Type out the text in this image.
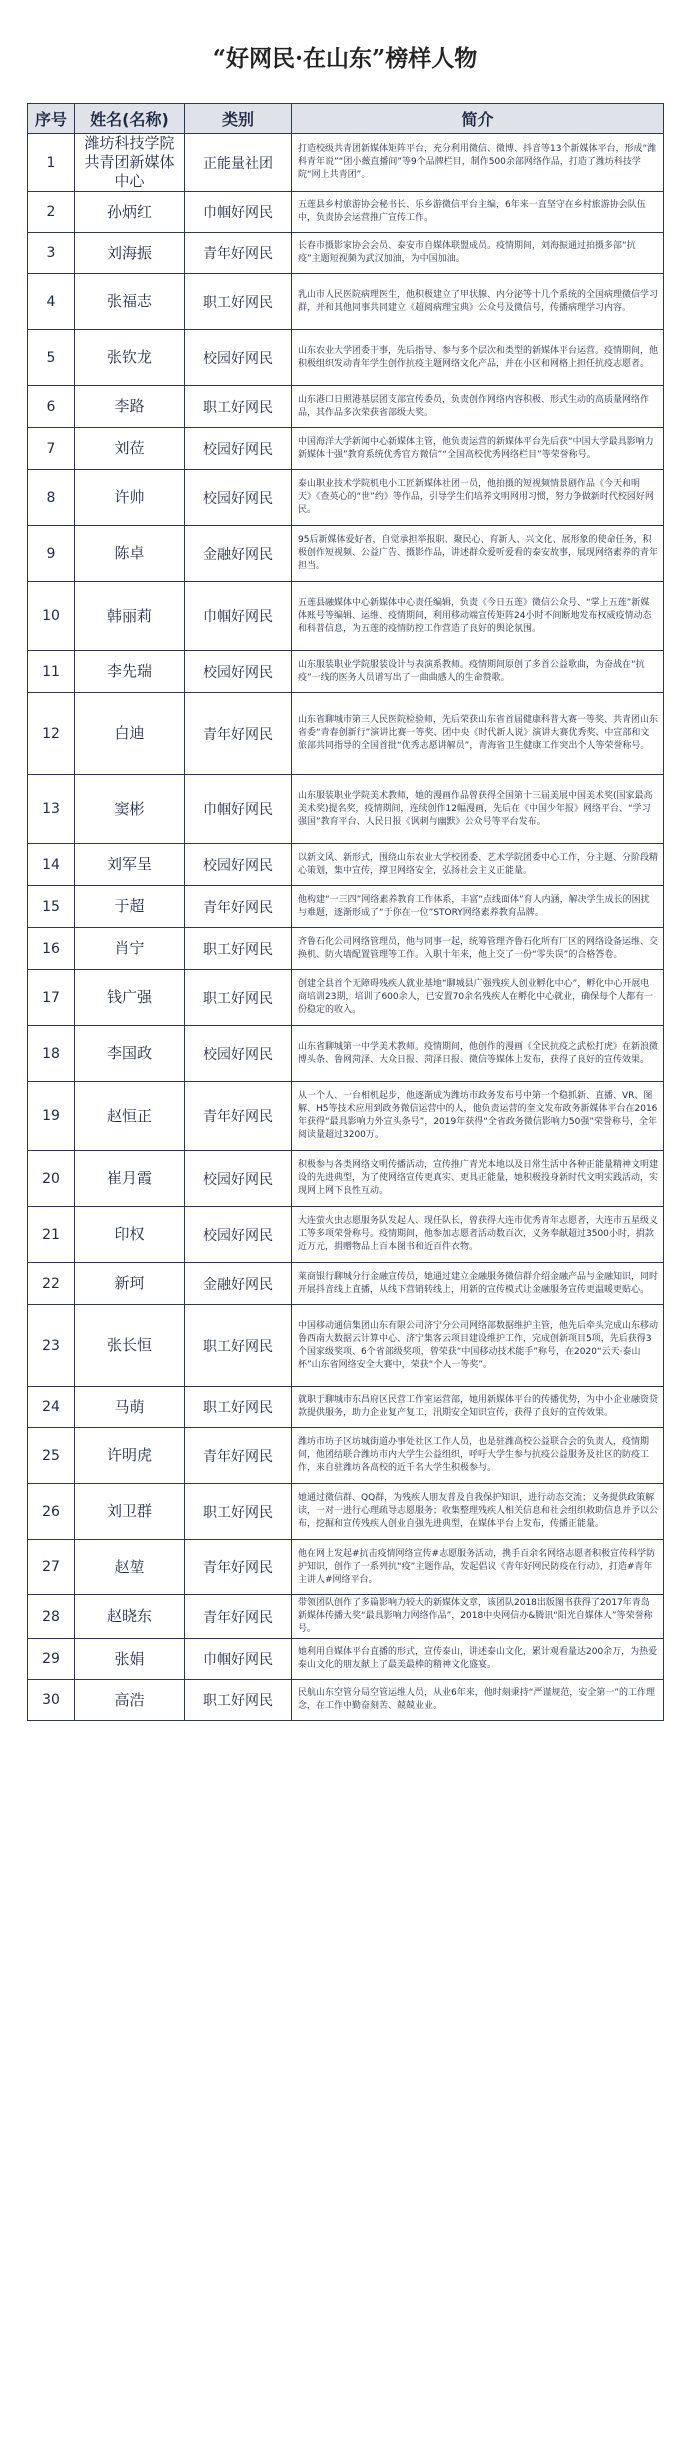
“好网民·在山东”榜样人物
序号	姓名(名称)	类别	简介
1	潍坊科技学院共青团新媒体中心	正能量社团	打造校级共青团新媒体矩阵平台，充分利用微信、微博、抖音等13个新媒体平台，形成“潍科青年说”“团小薇直播间”等9个品牌栏目，制作500余部网络作品，打造了潍坊科技学院“网上共青团”。
2	孙炳红	巾帼好网民	五莲县乡村旅游协会秘书长、乐乡游微信平台主编，6年来一直坚守在乡村旅游协会队伍中，负责协会运营推广宣传工作。
3	刘海振	青年好网民	长春市摄影家协会会员、泰安市自媒体联盟成员。疫情期间，刘海振通过拍摄多部“抗疫”主题短视频为武汉加油，为中国加油。
4	张福志	职工好网民	乳山市人民医院病理医生，他积极建立了甲状腺、内分泌等十几个系统的全国病理微信学习群，并和其他同事共同建立《超阅病理宝典》公众号及微信号，传播病理学习内容。
5	张钦龙	校园好网民	山东农业大学团委干事，先后指导、参与多个层次和类型的新媒体平台运营。疫情期间，他积极组织发动青年学生创作抗疫主题网络文化产品，并在小区和网格上担任抗疫志愿者。
6	李路	职工好网民	山东港口日照港基层团支部宣传委员，负责创作网络内容积极、形式生动的高质量网络作品，其作品多次荣获省部级大奖。
7	刘莅	校园好网民	中国海洋大学新闻中心新媒体主管，他负责运营的新媒体平台先后获“中国大学最具影响力新媒体十强”教育系统优秀官方微信”“全国高校优秀网络栏目”等荣誉称号。
8	许帅	校园好网民	泰山职业技术学院机电小工匠新媒体社团一员，他拍摄的短视频情景剧作品《今天和明天》《查英心的“世”约》等作品，引导学生们培养文明网用习惯，努力争做新时代校园好网民。
9	陈卓	金融好网民	95后新媒体爱好者，自觉承担举报职、聚民心、育新人、兴文化、展形象的使命任务，积极创作短视频、公益广告、摄影作品，讲述群众爱听爱看的泰安故事，展现网络素养的青年担当。
10	韩丽莉	巾帼好网民	五莲县融媒体中心新媒体中心责任编辑，负责《今日五莲》微信公众号、“掌上五莲”新媒体账号等编辑、运维、疫情期间，利用移动端宣传矩阵24小时不间断地发布权威疫情动态和科普信息，为五莲的疫情防控工作营造了良好的舆论氛围。
11	李先瑞	校园好网民	山东服装职业学院服装设计与表演系教师。疫情期间原创了多首公益歌曲，为奋战在“抗疫”一线的医务人员谱写出了一曲曲感人的生命赞歌。
12	白迪	青年好网民	山东省聊城市第三人民医院检验师，先后荣获山东省首届健康科普大赛一等奖、共青团山东省委“青春创新行”演讲比赛一等奖、团中央《时代新人说》演讲大赛优秀奖、中宣部和文旅部共同指导的全国首批“优秀志愿讲解员”，青海省卫生健康工作突出个人等荣誉称号。
13	窦彬	巾帼好网民	山东服装职业学院美术教师，她的漫画作品曾获得全国第十三届美展中国美术奖(国家最高美术奖)提名奖，疫情期间，连续创作12幅漫画，先后在《中国少年报》网络平台、“学习强国”教育平台、人民日报《讽刺与幽默》公众号等平台发布。
14	刘军呈	校园好网民	以新文风、新形式，围绕山东农业大学校团委、艺术学院团委中心工作，分主题、分阶段精心策划，集中宣传，撑卫网络安全，弘扬社会主义正能量。
15	于超	青年好网民	他构建“一三四”网络素养教育工作体系，丰富“点线面体”育人内涵，解决学生成长的困扰与难题，逐渐形成了“于你在一位”STORY网络素养教育品牌。
16	肖宁	职工好网民	齐鲁石化公司网络管理员，他与同事一起，统筹管理齐鲁石化所有厂区的网络设备运维、交换机、防火墙配置管理等工作。入职十年来，他上交了一份“零失误”的合格答卷。
17	钱广强	职工好网民	创建全县首个无障碍残疾人就业基地“聊城县广强残疾人创业孵化中心”，孵化中心开展电商培训23期，培训了600余人，已安置70余名残疾人在孵化中心就业，确保每个人都有一份稳定的收入。
18	李国政	校园好网民	山东省聊城第一中学美术教师。疫情期间，他创作的漫画《全民抗疫之武松打虎》在新浪微博头条、鲁网菏泽、大众日报、菏泽日报、微信等媒体上发布，获得了良好的宣传效果。
19	赵恒正	青年好网民	从一个人、一台相机起步，他逐渐成为潍坊市政务发布号中第一个稳抓新、直播、VR、图解、H5等技术应用到政务微信运营中的人，他负责运营的奎文发布政务新媒体平台在2016年获得“最具影响力外宣头条号”，2019年获得“全省政务微信影响力50强”荣誉称号，全年阅读量超过3200万。
20	崔月霞	校园好网民	积极参与各类网络文明传播活动，宣传推广青光本地以及日常生活中各种正能量精神文明建设的先进典型，为了使网络宣传更真实、更具正能量，她积极投身新时代文明实践活动，实现网上网下良性互动。
21	印权	校园好网民	大连萤火虫志愿服务队发起人、现任队长，曾获得大连市优秀青年志愿者，大连市五星级义工等多项荣誉称号。疫情期间，他参加志愿者活动数百次，义务奉献超过3500小时，捐款近万元，捐赠物品上百本图书和近百件衣物。
22	新珂	金融好网民	莱商银行聊城分行金融宣传员，她通过建立金融服务微信群介绍金融产品与金融知识，同时开展抖音线上直播，从线下营销转线上，用新的宣传模式让金融服务宣传更温暖更贴心。
23	张长恒	职工好网民	中国移动通信集团山东有限公司济宁分公司网络部数据维护主管，他先后牵头完成山东移动鲁西南大数据云计算中心、济宁集客云项目建设维护工作，完成创新项目5项，先后获得3个国家级奖项、6个省部级奖项，曾荣获“中国移动技术能手”称号，在2020“云天·泰山杯”山东省网络安全大赛中，荣获“个人一等奖”。
24	马萌	职工好网民	就职于聊城市东昌府区民营工作室运营部，她用新媒体平台的传播优势，为中小企业融资贷款提供服务，助力企业复产复工，汛期安全知识宣传，获得了良好的宣传效果。
25	许明虎	青年好网民	潍坊市坊子区坊城街道办事处社区工作人员，也是驻潍高校公益联合会的负责人，疫情期间，他团结联合潍坊市内大学生公益组织，呼吁大学生参与抗疫公益服务及社区的防疫工作，来自驻潍坊各高校的近千名大学生积极参与。
26	刘卫群	职工好网民	她通过微信群、QQ群，为残疾人朋友普及自我保护知识，进行动态交流；义务提供政策解读，一对一进行心理疏导志愿服务；收集整理残疾人相关信息和社会组织救助信息并予以公布，挖掘和宣传残疾人创业自强先进典型，在媒体平台上发布，传播正能量。
27	赵堃	青年好网民	他在网上发起#抗击疫情网络宣传#志愿服务活动，携手百余名网络志愿者积极宣传科学防护知识，创作了一系列抗“疫”主题作品，发起倡议《青年好网民防疫在行动》，打造#青年主讲人#网络平台。
28	赵晓东	青年好网民	带领团队创作了多篇影响力较大的新媒体文章，该团队2018出版图书获得了2017年青岛新媒体传播大奖“最具影响力网络作品”，2018中央网信办&腾讯“阳光自媒体人”等荣誉称号。
29	张娟	巾帼好网民	她利用自媒体平台直播的形式，宣传泰山，讲述泰山文化，累计观看量达200余万，为热爱泰山文化的朋友献上了最美最棒的精神文化盛宴。
30	高浩	职工好网民	民航山东空管分局空管运维人员，从业6年来，他时刻秉持“严谨规范，安全第一”的工作理念，在工作中勤奋刻苦、兢兢业业。
